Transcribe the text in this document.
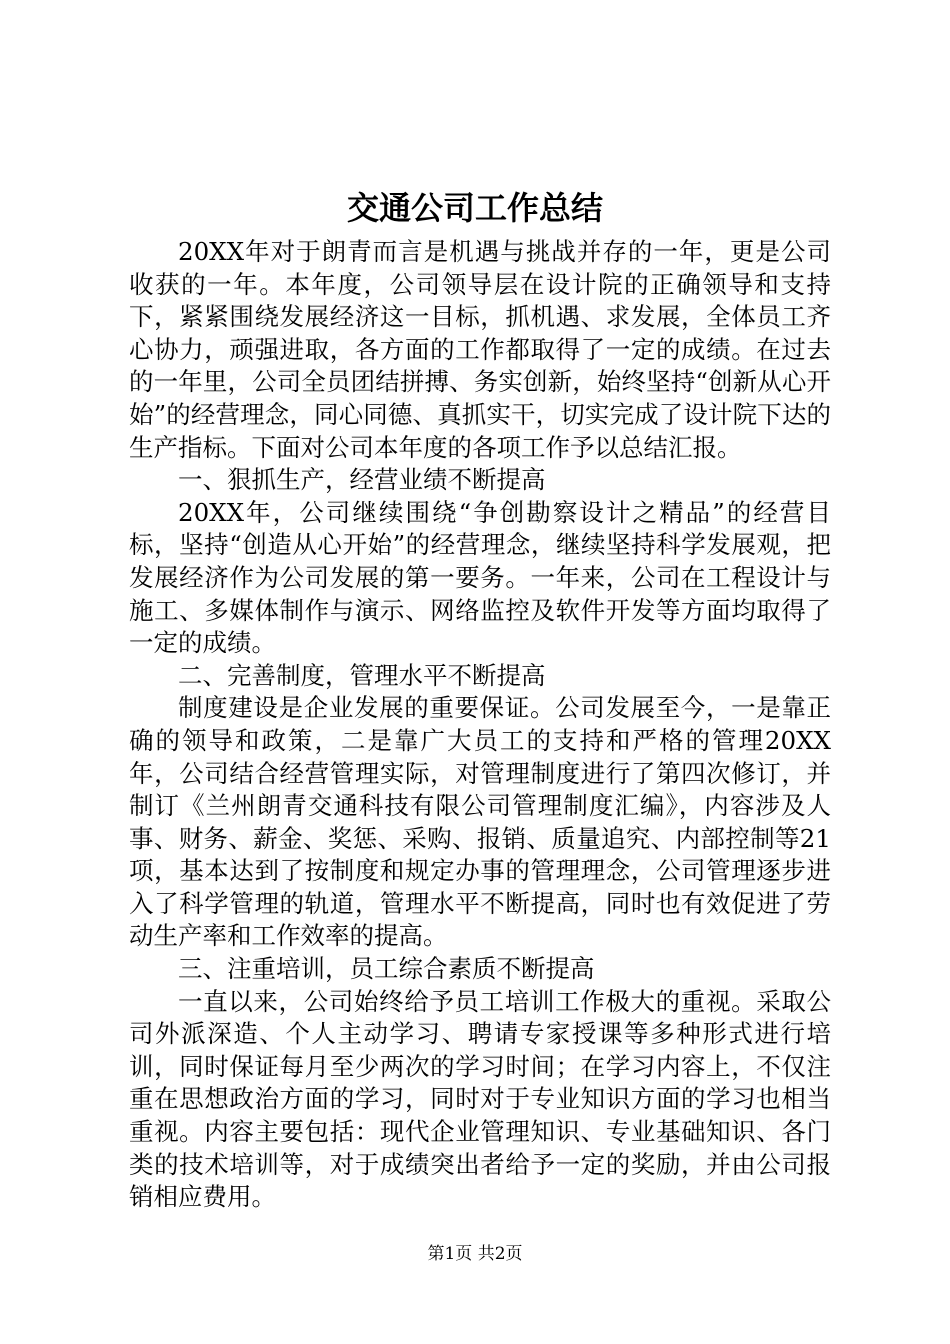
交通公司工作总结

20XX年对于朗青而言是机遇与挑战并存的一年，更是公司收获的一年。本年度，公司领导层在设计院的正确领导和支持下，紧紧围绕发展经济这一目标，抓机遇、求发展，全体员工齐心协力，顽强进取，各方面的工作都取得了一定的成绩。在过去的一年里，公司全员团结拼搏、务实创新，始终坚持“创新从心开始”的经营理念，同心同德、真抓实干，切实完成了设计院下达的生产指标。下面对公司本年度的各项工作予以总结汇报。

一、狠抓生产，经营业绩不断提高

20XX年，公司继续围绕“争创勘察设计之精品”的经营目标，坚持“创造从心开始”的经营理念，继续坚持科学发展观，把发展经济作为公司发展的第一要务。一年来，公司在工程设计与施工、多媒体制作与演示、网络监控及软件开发等方面均取得了一定的成绩。

二、完善制度，管理水平不断提高

制度建设是企业发展的重要保证。公司发展至今，一是靠正确的领导和政策，二是靠广大员工的支持和严格的管理20XX年，公司结合经营管理实际，对管理制度进行了第四次修订，并制订《兰州朗青交通科技有限公司管理制度汇编》，内容涉及人事、财务、薪金、奖惩、采购、报销、质量追究、内部控制等21项，基本达到了按制度和规定办事的管理理念，公司管理逐步进入了科学管理的轨道，管理水平不断提高，同时也有效促进了劳动生产率和工作效率的提高。

三、注重培训，员工综合素质不断提高

一直以来，公司始终给予员工培训工作极大的重视。采取公司外派深造、个人主动学习、聘请专家授课等多种形式进行培训，同时保证每月至少两次的学习时间；在学习内容上，不仅注重在思想政治方面的学习，同时对于专业知识方面的学习也相当重视。内容主要包括：现代企业管理知识、专业基础知识、各门类的技术培训等，对于成绩突出者给予一定的奖励，并由公司报销相应费用。

第1页 共2页
